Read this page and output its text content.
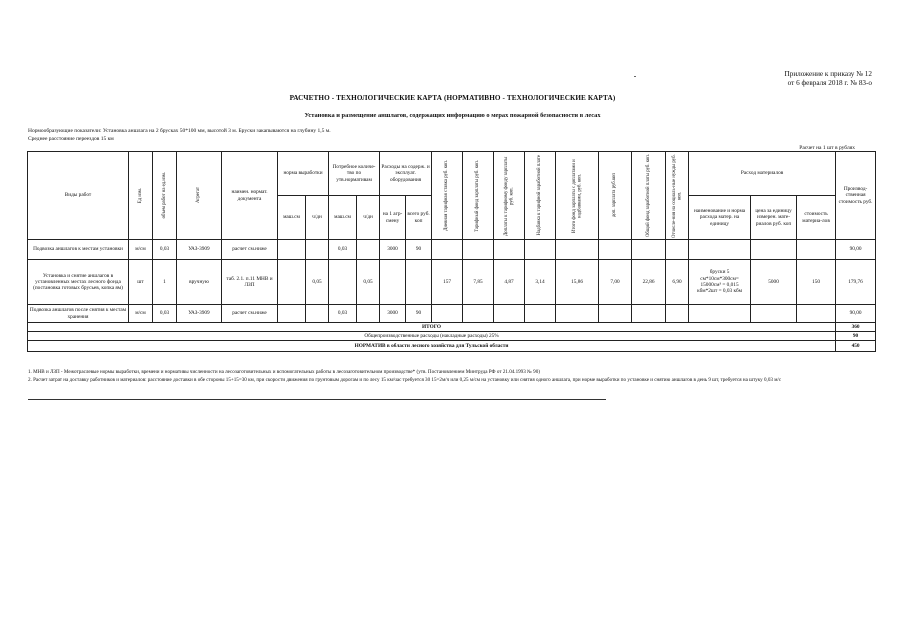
Приложение к приказу № 12
от 6 февраля 2018 г. № 83-о
РАСЧЕТНО - ТЕХНОЛОГИЧЕСКИЕ КАРТА (НОРМАТИВНО - ТЕХНОЛОГИЧЕСКИЕ КАРТА)
Установка и размещение аншлагов, содержащих информацию о мерах пожарной безопасности в лесах
Нормообразующие показатели: Установка аншлага на 2 брусках 50*100 мм, высотой 3 м. Бруски закапываются на глубину 1,5 м.
Среднее расстояние переездов 15 км
Расчет на 1 шт в рублях
Виды работ	Ед изм.	объем работ на ед.изм.	Агрегат	наимен. нормат. документа	норма выработки		Потребное количе- тво по утв.нормативам		Расходы на содерж. и эксплуат. оборудования		Дневная тарифная ставка руб. коп.	Тарифный фонд зарплаты руб. коп.	Доплаты к тарифному фонду зарплаты руб. коп.	Надбавка к тарифной заработной плате	Итого фонд зарплаты с доплатами и надбавками, руб. коп.	доп. зарплата руб.коп	Общий фонд заработной платы руб. коп.	Отчисле-ния на социаль-ные нужды руб. коп.	Расход материалов			Производ- ственная стоимость руб.
					маш.см	ч/дн	маш.см	ч/дн	на 1 агр-смену	всего руб. коп									наименование и норма расхода матер. на единицу	цена за единицу измерен. мате- риалов руб. коп	стоимость материа-лов	
Подвозка аншлагов к местам установки	м/см	0,03	УАЗ-3909	расчет см.ниже			0,03		3000	90												90,00
Установка и снятие аншлагов в установленных местах лесного фонда (постановка готовых брусьев, копка ям)	шт	1	вручную	таб. 2.1. п.11 МНВ и ЛЗП		0,05		0,05			157	7,85	4,87	3,14	15,86	7,00	22,86	6,90	бруски 5 см*10см*300см= 15000см³ = 0,015 кбм*2шт = 0,03 кбм	5000	150	179,76
Подвозка аншлагов после снятия к местам хранения	м/см	0,03	УАЗ-3909	расчет см.ниже			0,03		3000	90												90,00
ИТОГО																						360
Общепроизводственные расходы (накладные расходы) 25%																						90
НОРМАТИВ в области лесного хозяйства для Тульской области																						450
1. МНВ и ЛЗП - Межотраслевые нормы выработки, времени и нормативы численности на лесозаготовительных и вспомогательных работы в лесозаготовительном производстве* (утв. Постановлением Минтруда РФ от 21.04.1993 № 90)
2. Расчет затрат на доставку работников и материалов: расстояние доставки в обе стороны 15+15=30 км, при скорости движения по грунтовым дорогам и по лесу 15 км/час требуется 30 15=2м/ч или 0,25 м/см на установку или снятия одного аншлага, при норме выработки по установке и снятию аншлагов в день 9 шт, требуется на штуку 0,03 м/с
